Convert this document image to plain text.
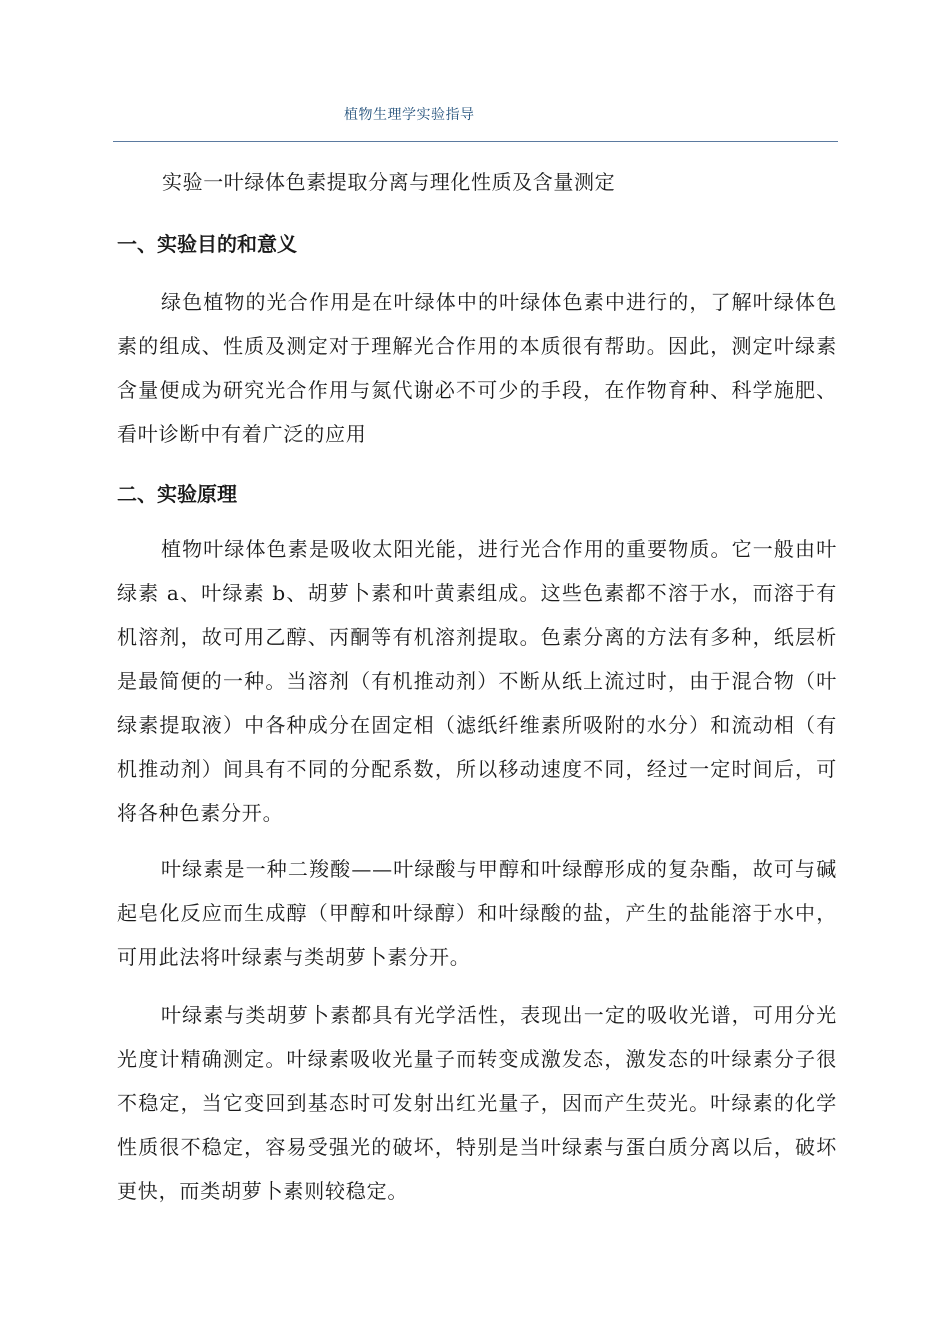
植物生理学实验指导
实验一叶绿体色素提取分离与理化性质及含量测定
一、实验目的和意义

绿色植物的光合作用是在叶绿体中的叶绿体色素中进行的，了解叶绿体色素的组成、性质及测定对于理解光合作用的本质很有帮助。因此，测定叶绿素含量便成为研究光合作用与氮代谢必不可少的手段，在作物育种、科学施肥、看叶诊断中有着广泛的应用

二、实验原理

植物叶绿体色素是吸收太阳光能，进行光合作用的重要物质。它一般由叶绿素 a、叶绿素 b、胡萝卜素和叶黄素组成。这些色素都不溶于水，而溶于有机溶剂，故可用乙醇、丙酮等有机溶剂提取。色素分离的方法有多种，纸层析是最简便的一种。当溶剂（有机推动剂）不断从纸上流过时，由于混合物（叶绿素提取液）中各种成分在固定相（滤纸纤维素所吸附的水分）和流动相（有机推动剂）间具有不同的分配系数，所以移动速度不同，经过一定时间后，可将各种色素分开。

叶绿素是一种二羧酸——叶绿酸与甲醇和叶绿醇形成的复杂酯，故可与碱起皂化反应而生成醇（甲醇和叶绿醇）和叶绿酸的盐，产生的盐能溶于水中，可用此法将叶绿素与类胡萝卜素分开。

叶绿素与类胡萝卜素都具有光学活性，表现出一定的吸收光谱，可用分光光度计精确测定。叶绿素吸收光量子而转变成激发态，激发态的叶绿素分子很不稳定，当它变回到基态时可发射出红光量子，因而产生荧光。叶绿素的化学性质很不稳定，容易受强光的破坏，特别是当叶绿素与蛋白质分离以后，破坏更快，而类胡萝卜素则较稳定。
